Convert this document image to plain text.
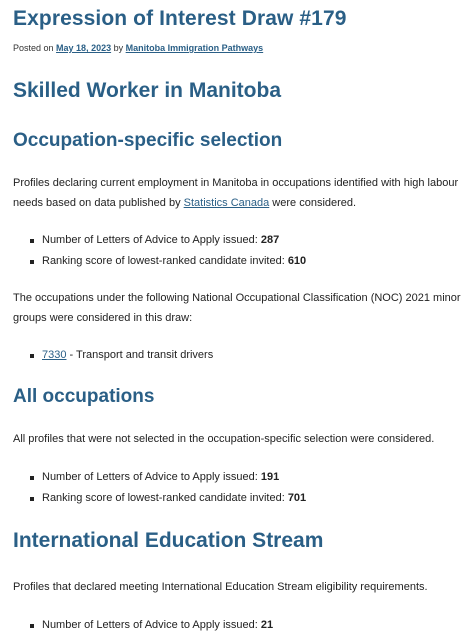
Expression of Interest Draw #179
Posted on May 18, 2023 by Manitoba Immigration Pathways
Skilled Worker in Manitoba
Occupation-specific selection

Profiles declaring current employment in Manitoba in occupations identified with high labour needs based on data published by Statistics Canada were considered.

Number of Letters of Advice to Apply issued: 287
Ranking score of lowest-ranked candidate invited: 610

The occupations under the following National Occupational Classification (NOC) 2021 minor groups were considered in this draw:

7330 - Transport and transit drivers
All occupations

All profiles that were not selected in the occupation-specific selection were considered.

Number of Letters of Advice to Apply issued: 191
Ranking score of lowest-ranked candidate invited: 701
International Education Stream

Profiles that declared meeting International Education Stream eligibility requirements.

Number of Letters of Advice to Apply issued: 21
